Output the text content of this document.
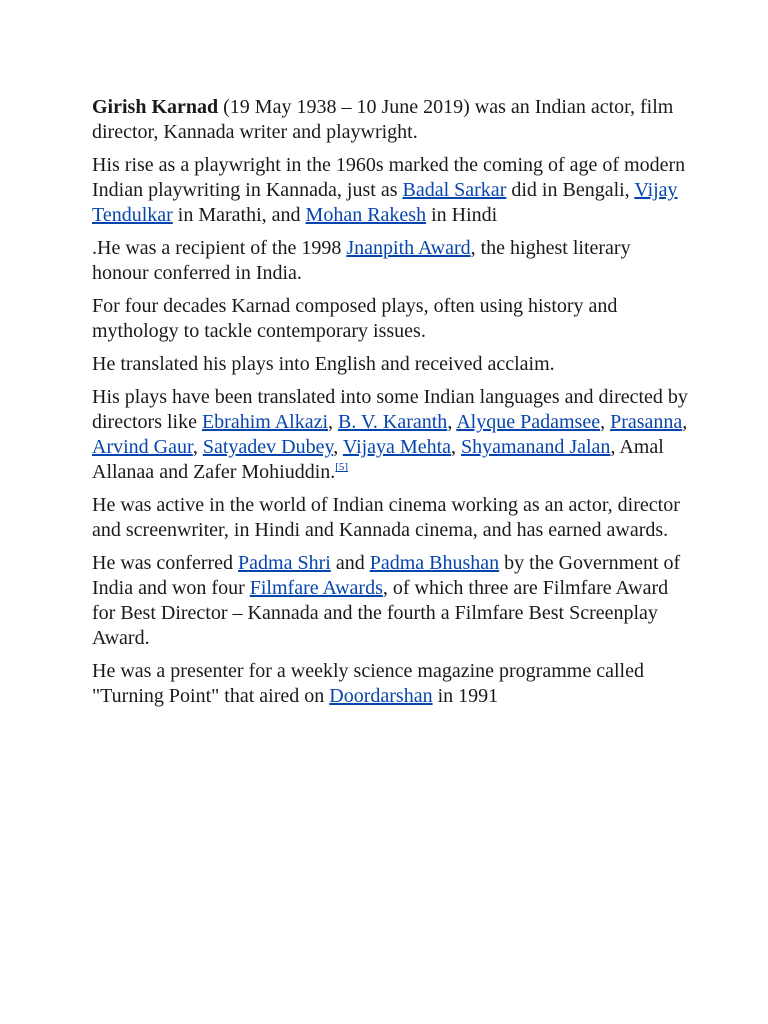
Girish Karnad (19 May 1938 – 10 June 2019) was an Indian actor, film director, Kannada writer and playwright.

His rise as a playwright in the 1960s marked the coming of age of modern Indian playwriting in Kannada, just as Badal Sarkar did in Bengali, Vijay Tendulkar in Marathi, and Mohan Rakesh in Hindi

.He was a recipient of the 1998 Jnanpith Award, the highest literary honour conferred in India.

For four decades Karnad composed plays, often using history and mythology to tackle contemporary issues.

He translated his plays into English and received acclaim.

His plays have been translated into some Indian languages and directed by directors like Ebrahim Alkazi, B. V. Karanth, Alyque Padamsee, Prasanna, Arvind Gaur, Satyadev Dubey, Vijaya Mehta, Shyamanand Jalan, Amal Allanaa and Zafer Mohiuddin.[5]

He was active in the world of Indian cinema working as an actor, director and screenwriter, in Hindi and Kannada cinema, and has earned awards.

He was conferred Padma Shri and Padma Bhushan by the Government of India and won four Filmfare Awards, of which three are Filmfare Award for Best Director – Kannada and the fourth a Filmfare Best Screenplay Award.

He was a presenter for a weekly science magazine programme called "Turning Point" that aired on Doordarshan in 1991
